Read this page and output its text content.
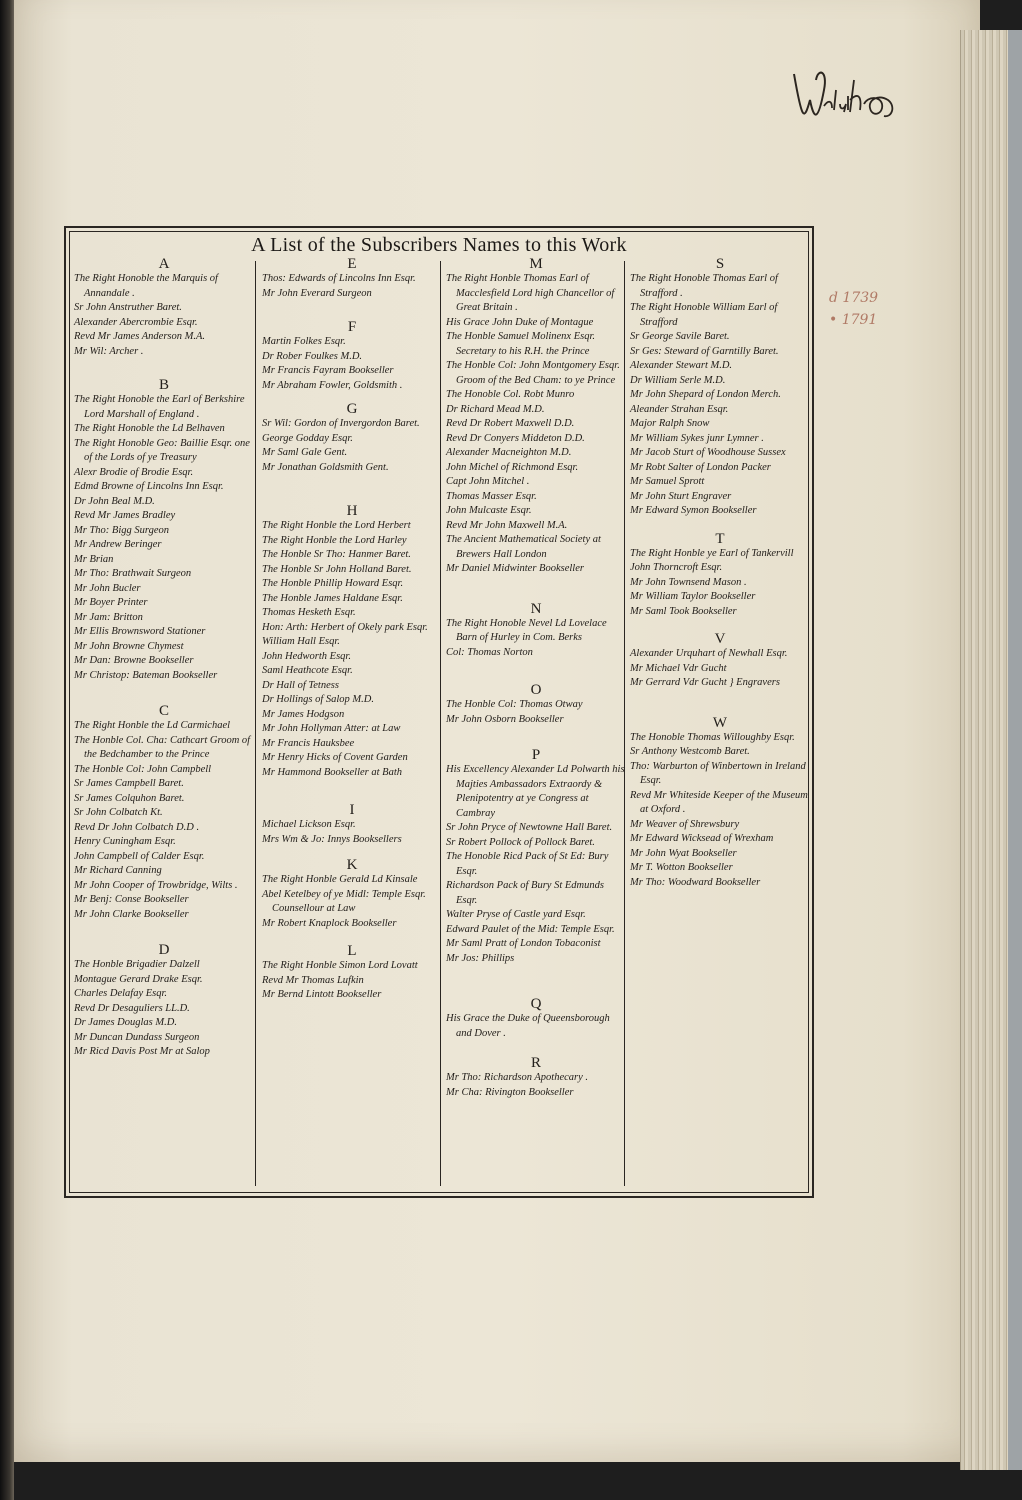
d 1739
• 1791
A List of the Subscribers Names to this Work
A
The Right Honoble the Marquis of Annandale .
Sr John Anstruther Baret.
Alexander Abercrombie Esqr.
Revd Mr James Anderson M.A.
Mr Wil: Archer .
B
The Right Honoble the Earl of Berkshire Lord Marshall of England .
The Right Honoble the Ld Belhaven
The Right Honoble Geo: Baillie Esqr. one of the Lords of ye Treasury
Alexr Brodie of Brodie Esqr.
Edmd Browne of Lincolns Inn Esqr.
Dr John Beal M.D.
Revd Mr James Bradley
Mr Tho: Bigg Surgeon
Mr Andrew Beringer
Mr Brian
Mr Tho: Brathwait Surgeon
Mr John Bucler
Mr Boyer Printer
Mr Jam: Britton
Mr Ellis Brownsword Stationer
Mr John Browne Chymest
Mr Dan: Browne Bookseller
Mr Christop: Bateman Bookseller
C
The Right Honble the Ld Carmichael
The Honble Col. Cha: Cathcart Groom of the Bedchamber to the Prince
The Honble Col: John Campbell
Sr James Campbell Baret.
Sr James Colquhon Baret.
Sr John Colbatch Kt.
Revd Dr John Colbatch D.D .
Henry Cuningham Esqr.
John Campbell of Calder Esqr.
Mr Richard Canning
Mr John Cooper of Trowbridge, Wilts .
Mr Benj: Conse Bookseller
Mr John Clarke Bookseller
D
The Honble Brigadier Dalzell
Montague Gerard Drake Esqr.
Charles Delafay Esqr.
Revd Dr Desaguliers LL.D.
Dr James Douglas M.D.
Mr Duncan Dundass Surgeon
Mr Ricd Davis Post Mr at Salop
E
Thos: Edwards of Lincolns Inn Esqr.
Mr John Everard Surgeon
F
Martin Folkes Esqr.
Dr Rober Foulkes M.D.
Mr Francis Fayram Bookseller
Mr Abraham Fowler, Goldsmith .
G
Sr Wil: Gordon of Invergordon Baret.
George Godday Esqr.
Mr Saml Gale Gent.
Mr Jonathan Goldsmith Gent.
H
The Right Honble the Lord Herbert
The Right Honble the Lord Harley
The Honble Sr Tho: Hanmer Baret.
The Honble Sr John Holland Baret.
The Honble Phillip Howard Esqr.
The Honble James Haldane Esqr.
Thomas Hesketh Esqr.
Hon: Arth: Herbert of Okely park Esqr.
William Hall Esqr.
John Hedworth Esqr.
Saml Heathcote Esqr.
Dr Hall of Tetness
Dr Hollings of Salop M.D.
Mr James Hodgson
Mr John Hollyman Atter: at Law
Mr Francis Hauksbee
Mr Henry Hicks of Covent Garden
Mr Hammond Bookseller at Bath
I
Michael Lickson Esqr.
Mrs Wm & Jo: Innys Booksellers
K
The Right Honble Gerald Ld Kinsale
Abel Ketelbey of ye Midl: Temple Esqr. Counsellour at Law
Mr Robert Knaplock Bookseller
L
The Right Honble Simon Lord Lovatt
Revd Mr Thomas Lufkin
Mr Bernd Lintott Bookseller
M
The Right Honble Thomas Earl of Macclesfield Lord high Chancellor of Great Britain .
His Grace John Duke of Montague
The Honble Samuel Molinenx Esqr. Secretary to his R.H. the Prince
The Honble Col: John Montgomery Esqr. Groom of the Bed Cham: to ye Prince
The Honoble Col. Robt Munro
Dr Richard Mead M.D.
Revd Dr Robert Maxwell D.D.
Revd Dr Conyers Middeton D.D.
Alexander Macneighton M.D.
John Michel of Richmond Esqr.
Capt John Mitchel .
Thomas Masser Esqr.
John Mulcaste Esqr.
Revd Mr John Maxwell M.A.
The Ancient Mathematical Society at Brewers Hall London
Mr Daniel Midwinter Bookseller
N
The Right Honoble Nevel Ld Lovelace Barn of Hurley in Com. Berks
Col: Thomas Norton
O
The Honble Col: Thomas Otway
Mr John Osborn Bookseller
P
His Excellency Alexander Ld Polwarth his Majties Ambassadors Extraordy & Plenipotentry at ye Congress at Cambray
Sr John Pryce of Newtowne Hall Baret.
Sr Robert Pollock of Pollock Baret.
The Honoble Ricd Pack of St Ed: Bury Esqr.
Richardson Pack of Bury St Edmunds Esqr.
Walter Pryse of Castle yard Esqr.
Edward Paulet of the Mid: Temple Esqr.
Mr Saml Pratt of London Tobaconist
Mr Jos: Phillips
Q
His Grace the Duke of Queensborough and Dover .
R
Mr Tho: Richardson Apothecary .
Mr Cha: Rivington Bookseller
S
The Right Honoble Thomas Earl of Strafford .
The Right Honoble William Earl of Strafford
Sr George Savile Baret.
Sr Ges: Steward of Garntilly Baret.
Alexander Stewart M.D.
Dr William Serle M.D.
Mr John Shepard of London Merch.
Aleander Strahan Esqr.
Major Ralph Snow
Mr William Sykes junr Lymner .
Mr Jacob Sturt of Woodhouse Sussex
Mr Robt Salter of London Packer
Mr Samuel Sprott
Mr John Sturt Engraver
Mr Edward Symon Bookseller
T
The Right Honble ye Earl of Tankervill
John Thorncroft Esqr.
Mr John Townsend Mason .
Mr William Taylor Bookseller
Mr Saml Took Bookseller
V
Alexander Urquhart of Newhall Esqr.
Mr Michael Vdr Gucht
Mr Gerrard Vdr Gucht } Engravers
W
The Honoble Thomas Willoughby Esqr.
Sr Anthony Westcomb Baret.
Tho: Warburton of Winbertown in Ireland Esqr.
Revd Mr Whiteside Keeper of the Museum at Oxford .
Mr Weaver of Shrewsbury
Mr Edward Wicksead of Wrexham
Mr John Wyat Bookseller
Mr T. Wotton Bookseller
Mr Tho: Woodward Bookseller
